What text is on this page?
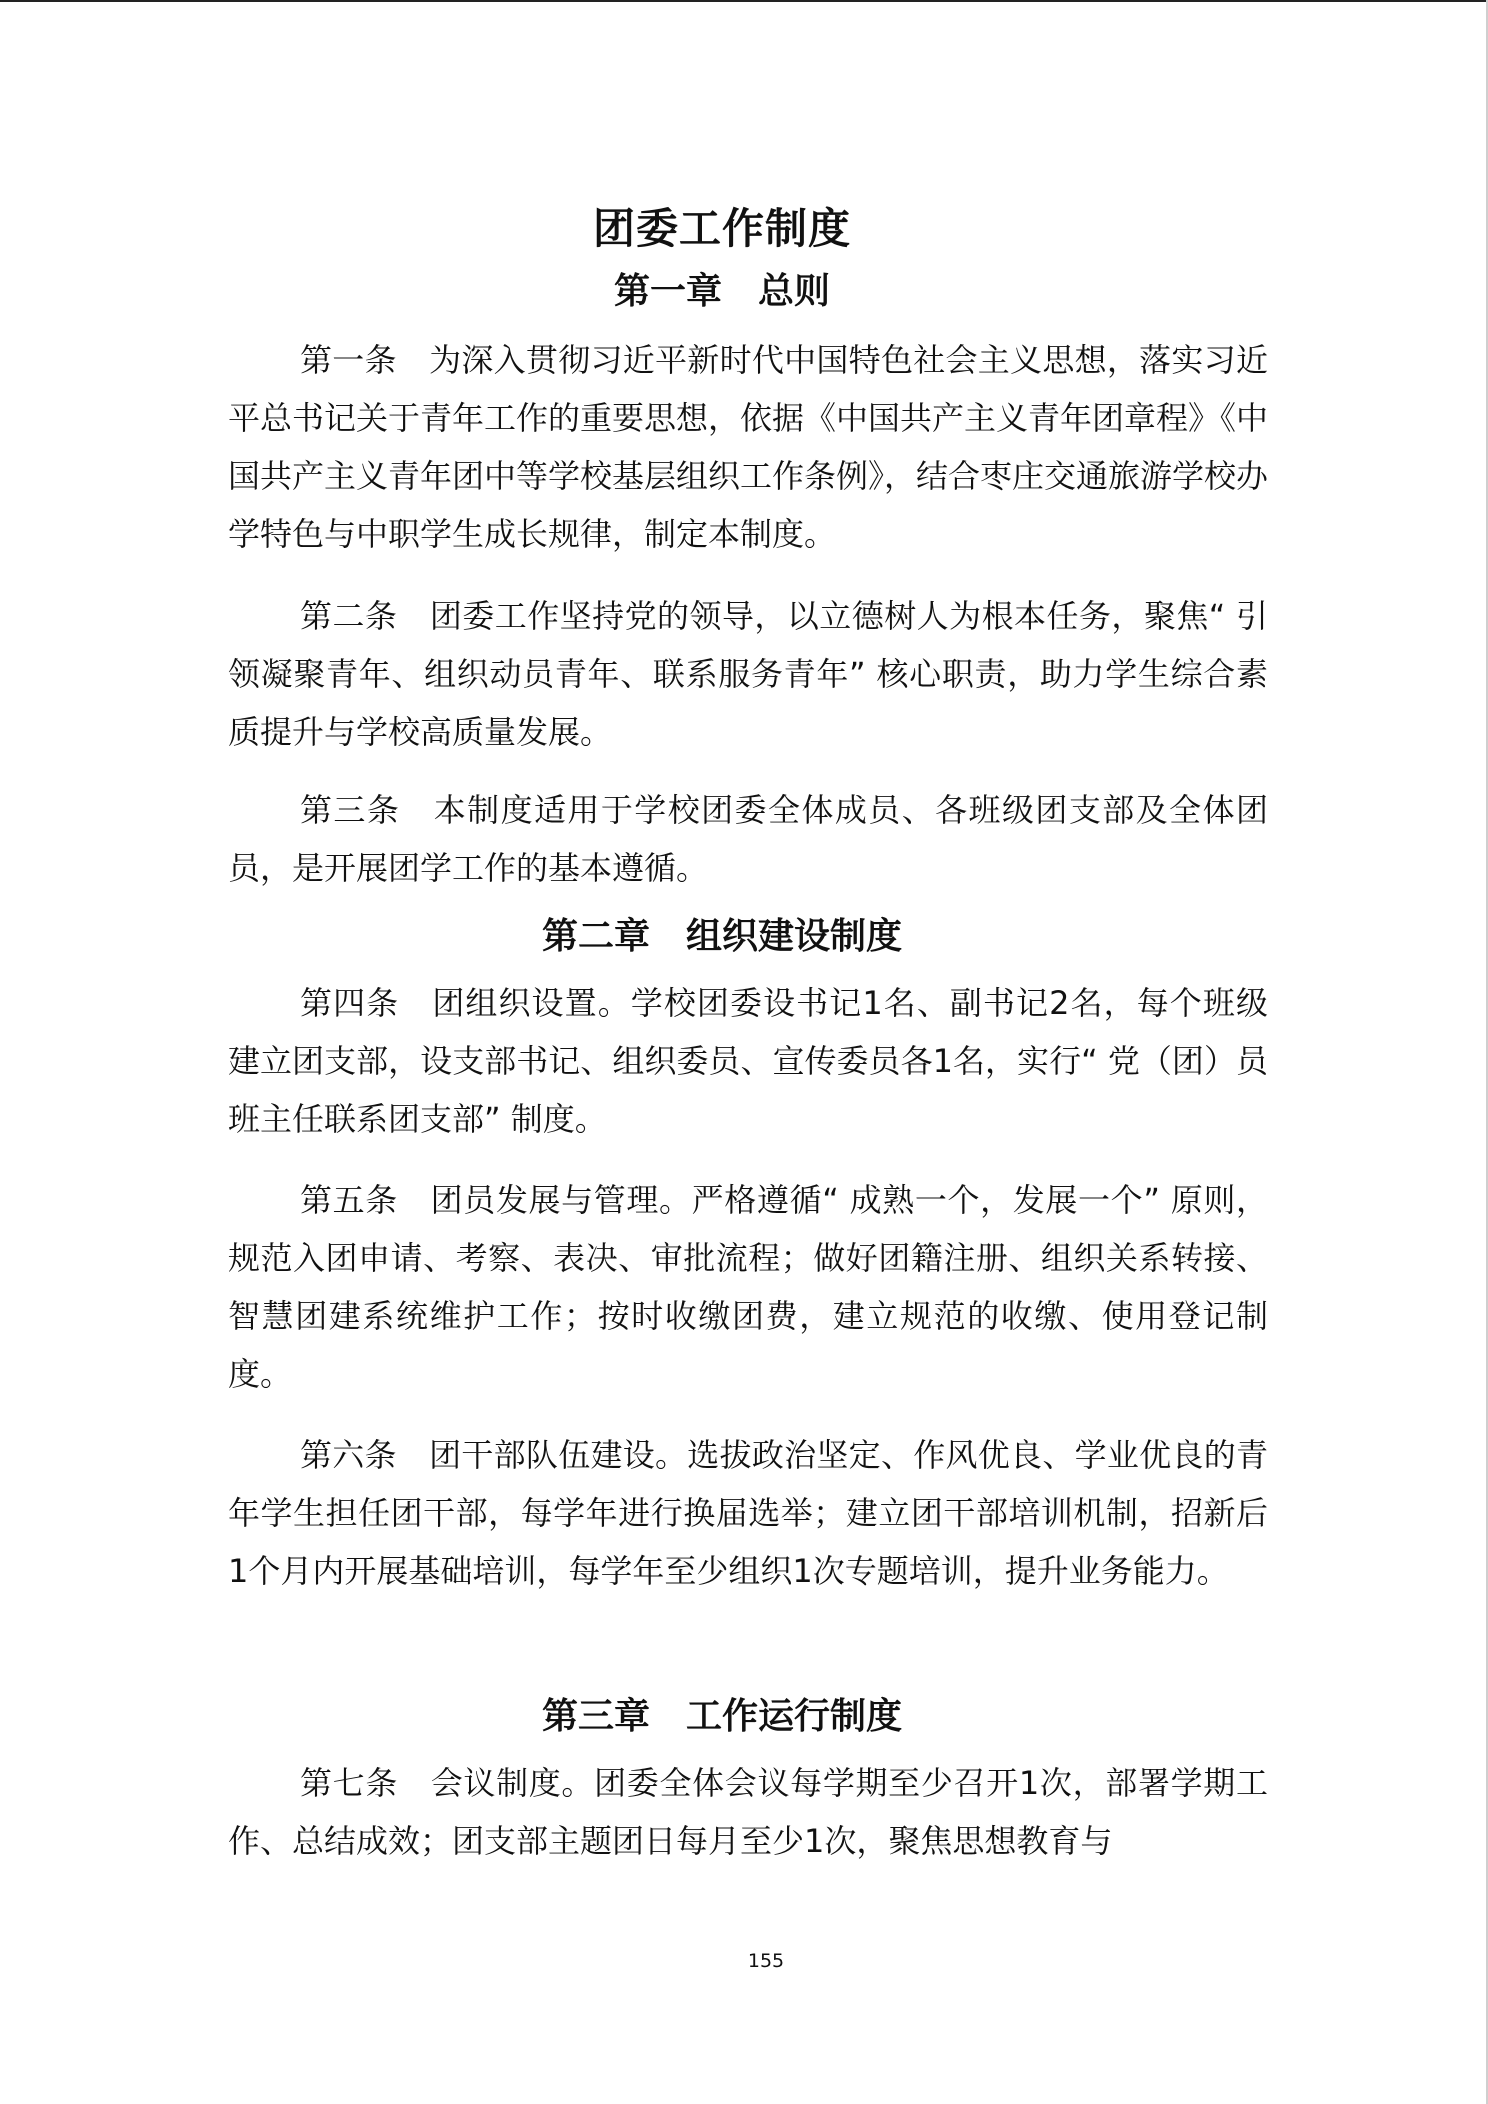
团委工作制度
第一章　总则

第一条　 为深入贯彻习近平新时代中国特色社会主义思想，落实习近平总书记关于青年工作的重要思想，依据《中国共产主义青年团章程》《中国共产主义青年团中等学校基层组织工作条例》，结合枣庄交通旅游学校办学特色与中职学生成长规律，制定本制度。

第二条　 团委工作坚持党的领导，以立德树人为根本任务，聚焦“ 引领凝聚青年、组织动员青年、联系服务青年” 核心职责，助力学生综合素质提升与学校高质量发展。

第三条　 本制度适用于学校团委全体成员、各班级团支部及全体团员，是开展团学工作的基本遵循。

第二章　组织建设制度

第四条　 团组织设置。学校团委设书记1名、副书记2名，每个班级建立团支部，设支部书记、组织委员、宣传委员各1名，实行“ 党（团）员班主任联系团支部” 制度。

第五条　 团员发展与管理。严格遵循“ 成熟一个，发展一个” 原则，规范入团申请、考察、表决、审批流程；做好团籍注册、组织关系转接、智慧团建系统维护工作；按时收缴团费，建立规范的收缴、使用登记制度。

第六条　 团干部队伍建设。选拔政治坚定、作风优良、学业优良的青年学生担任团干部，每学年进行换届选举；建立团干部培训机制，招新后1个月内开展基础培训，每学年至少组织1次专题培训，提升业务能力。

第三章　工作运行制度

第七条　 会议制度。团委全体会议每学期至少召开1次，部署学期工作、总结成效；团支部主题团日每月至少1次，聚焦思想教育与

155
